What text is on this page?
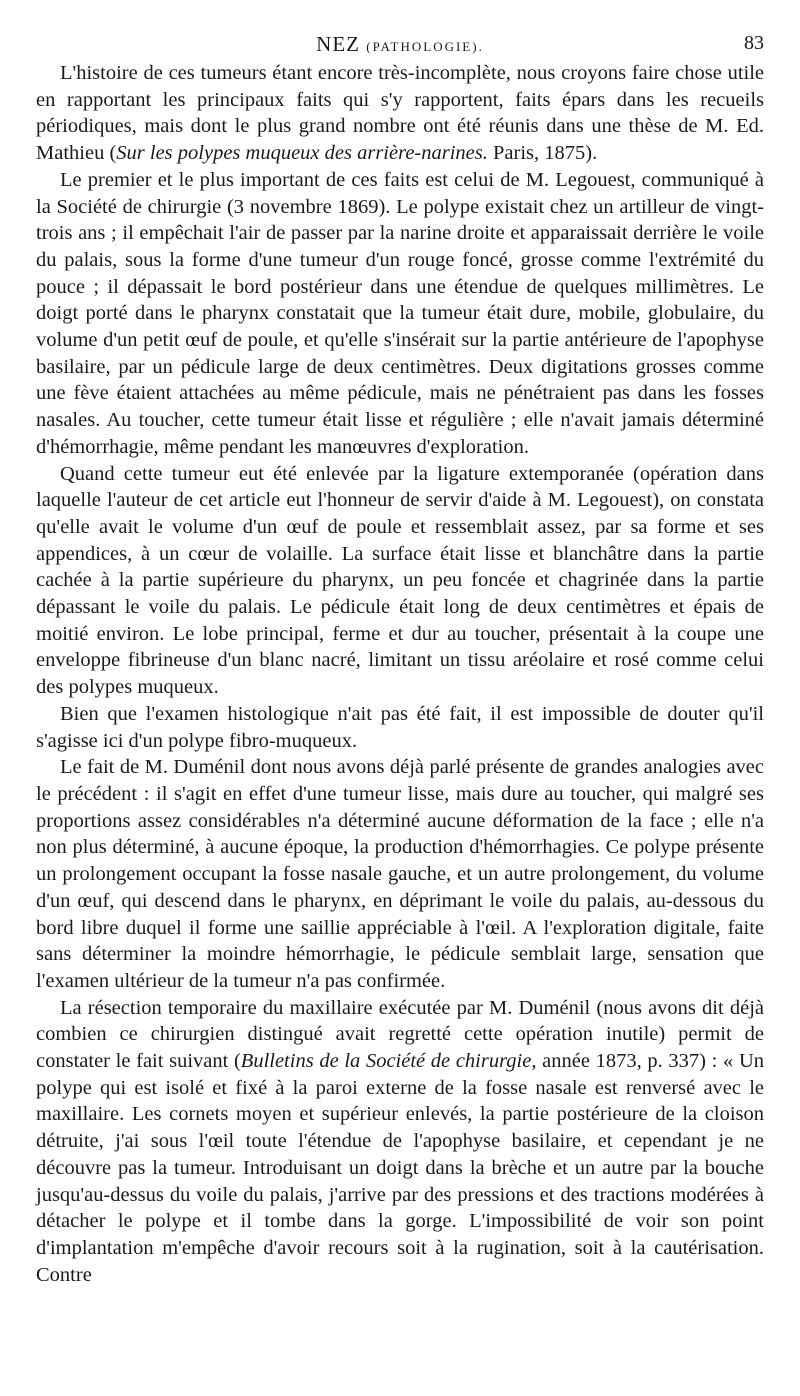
NEZ (PATHOLOGIE).	83

L'histoire de ces tumeurs étant encore très-incomplète, nous croyons faire chose utile en rapportant les principaux faits qui s'y rapportent, faits épars dans les recueils périodiques, mais dont le plus grand nombre ont été réunis dans une thèse de M. Ed. Mathieu (Sur les polypes muqueux des arrière-narines. Paris, 1875).

Le premier et le plus important de ces faits est celui de M. Legouest, communiqué à la Société de chirurgie (3 novembre 1869). Le polype existait chez un artilleur de vingt-trois ans ; il empêchait l'air de passer par la narine droite et apparaissait derrière le voile du palais, sous la forme d'une tumeur d'un rouge foncé, grosse comme l'extrémité du pouce ; il dépassait le bord postérieur dans une étendue de quelques millimètres. Le doigt porté dans le pharynx constatait que la tumeur était dure, mobile, globulaire, du volume d'un petit œuf de poule, et qu'elle s'insérait sur la partie antérieure de l'apophyse basilaire, par un pédicule large de deux centimètres. Deux digitations grosses comme une fève étaient attachées au même pédicule, mais ne pénétraient pas dans les fosses nasales. Au toucher, cette tumeur était lisse et régulière ; elle n'avait jamais déterminé d'hémorrhagie, même pendant les manœuvres d'exploration.

Quand cette tumeur eut été enlevée par la ligature extemporanée (opération dans laquelle l'auteur de cet article eut l'honneur de servir d'aide à M. Legouest), on constata qu'elle avait le volume d'un œuf de poule et ressemblait assez, par sa forme et ses appendices, à un cœur de volaille. La surface était lisse et blanchâtre dans la partie cachée à la partie supérieure du pharynx, un peu foncée et chagrinée dans la partie dépassant le voile du palais. Le pédicule était long de deux centimètres et épais de moitié environ. Le lobe principal, ferme et dur au toucher, présentait à la coupe une enveloppe fibrineuse d'un blanc nacré, limitant un tissu aréolaire et rosé comme celui des polypes muqueux.

Bien que l'examen histologique n'ait pas été fait, il est impossible de douter qu'il s'agisse ici d'un polype fibro-muqueux.

Le fait de M. Duménil dont nous avons déjà parlé présente de grandes analogies avec le précédent : il s'agit en effet d'une tumeur lisse, mais dure au toucher, qui malgré ses proportions assez considérables n'a déterminé aucune déformation de la face ; elle n'a non plus déterminé, à aucune époque, la production d'hémorrhagies. Ce polype présente un prolongement occupant la fosse nasale gauche, et un autre prolongement, du volume d'un œuf, qui descend dans le pharynx, en déprimant le voile du palais, au-dessous du bord libre duquel il forme une saillie appréciable à l'œil. A l'exploration digitale, faite sans déterminer la moindre hémorrhagie, le pédicule semblait large, sensation que l'examen ultérieur de la tumeur n'a pas confirmée.

La résection temporaire du maxillaire exécutée par M. Duménil (nous avons dit déjà combien ce chirurgien distingué avait regretté cette opération inutile) permit de constater le fait suivant (Bulletins de la Société de chirurgie, année 1873, p. 337) : « Un polype qui est isolé et fixé à la paroi externe de la fosse nasale est renversé avec le maxillaire. Les cornets moyen et supérieur enlevés, la partie postérieure de la cloison détruite, j'ai sous l'œil toute l'étendue de l'apophyse basilaire, et cependant je ne découvre pas la tumeur. Introduisant un doigt dans la brèche et un autre par la bouche jusqu'au-dessus du voile du palais, j'arrive par des pressions et des tractions modérées à détacher le polype et il tombe dans la gorge. L'impossibilité de voir son point d'implantation m'empêche d'avoir recours soit à la rugination, soit à la cautérisation. Contre
